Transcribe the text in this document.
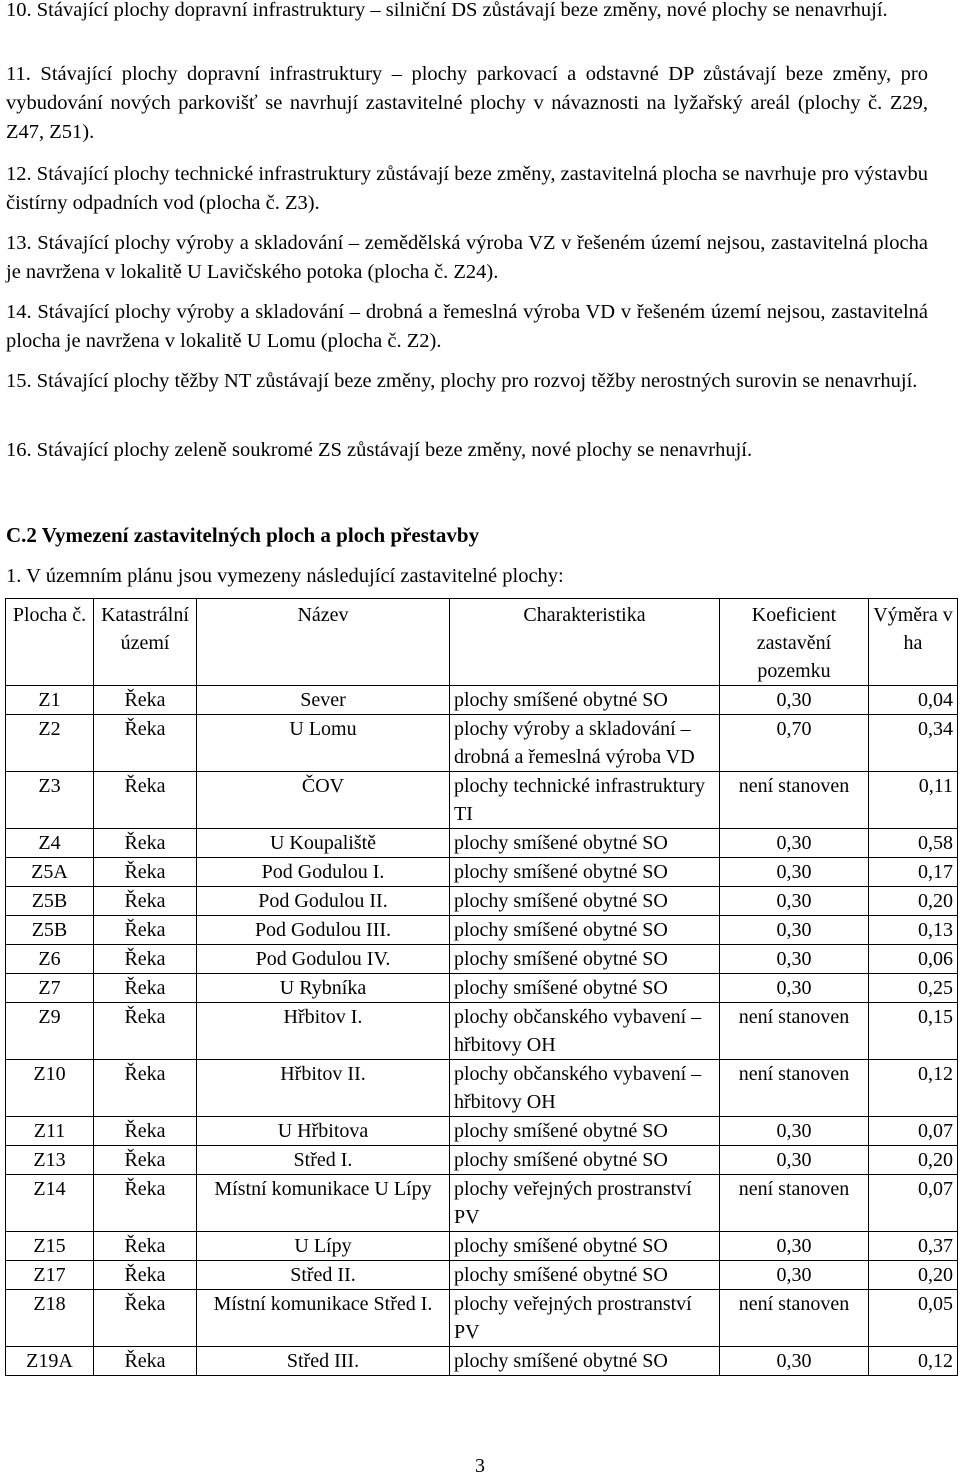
10. Stávající plochy dopravní infrastruktury – silniční DS zůstávají beze změny, nové plochy se nenavrhují.
11. Stávající plochy dopravní infrastruktury – plochy parkovací a odstavné DP zůstávají beze změny, pro vybudování nových parkovišť se navrhují zastavitelné plochy v návaznosti na lyžařský areál (plochy č. Z29, Z47, Z51).
12. Stávající plochy technické infrastruktury zůstávají beze změny, zastavitelná plocha se navrhuje pro výstavbu čistírny odpadních vod (plocha č. Z3).
13. Stávající plochy výroby a skladování – zemědělská výroba VZ v řešeném území nejsou, zastavitelná plocha je navržena v lokalitě U Lavičského potoka (plocha č. Z24).
14. Stávající plochy výroby a skladování – drobná a řemeslná výroba VD v řešeném území nejsou, zastavitelná plocha je navržena v lokalitě U Lomu (plocha č. Z2).
15. Stávající plochy těžby NT zůstávají beze změny, plochy pro rozvoj těžby nerostných surovin se nenavrhují.
16. Stávající plochy zeleně soukromé ZS zůstávají beze změny, nové plochy se nenavrhují.
C.2 Vymezení zastavitelných ploch a ploch přestavby
1. V územním plánu jsou vymezeny následující zastavitelné plochy:
Plocha č.	Katastrální území	Název	Charakteristika	Koeficient zastavění pozemku	Výměra v ha
Z1	Řeka	Sever	plochy smíšené obytné SO	0,30	0,04
Z2	Řeka	U Lomu	plochy výroby a skladování – drobná a řemeslná výroba VD	0,70	0,34
Z3	Řeka	ČOV	plochy technické infrastruktury TI	není stanoven	0,11
Z4	Řeka	U Koupaliště	plochy smíšené obytné SO	0,30	0,58
Z5A	Řeka	Pod Godulou I.	plochy smíšené obytné SO	0,30	0,17
Z5B	Řeka	Pod Godulou II.	plochy smíšené obytné SO	0,30	0,20
Z5B	Řeka	Pod Godulou III.	plochy smíšené obytné SO	0,30	0,13
Z6	Řeka	Pod Godulou IV.	plochy smíšené obytné SO	0,30	0,06
Z7	Řeka	U Rybníka	plochy smíšené obytné SO	0,30	0,25
Z9	Řeka	Hřbitov I.	plochy občanského vybavení – hřbitovy OH	není stanoven	0,15
Z10	Řeka	Hřbitov II.	plochy občanského vybavení – hřbitovy OH	není stanoven	0,12
Z11	Řeka	U Hřbitova	plochy smíšené obytné SO	0,30	0,07
Z13	Řeka	Střed I.	plochy smíšené obytné SO	0,30	0,20
Z14	Řeka	Místní komunikace U Lípy	plochy veřejných prostranství PV	není stanoven	0,07
Z15	Řeka	U Lípy	plochy smíšené obytné SO	0,30	0,37
Z17	Řeka	Střed II.	plochy smíšené obytné SO	0,30	0,20
Z18	Řeka	Místní komunikace Střed I.	plochy veřejných prostranství PV	není stanoven	0,05
Z19A	Řeka	Střed III.	plochy smíšené obytné SO	0,30	0,12
3
